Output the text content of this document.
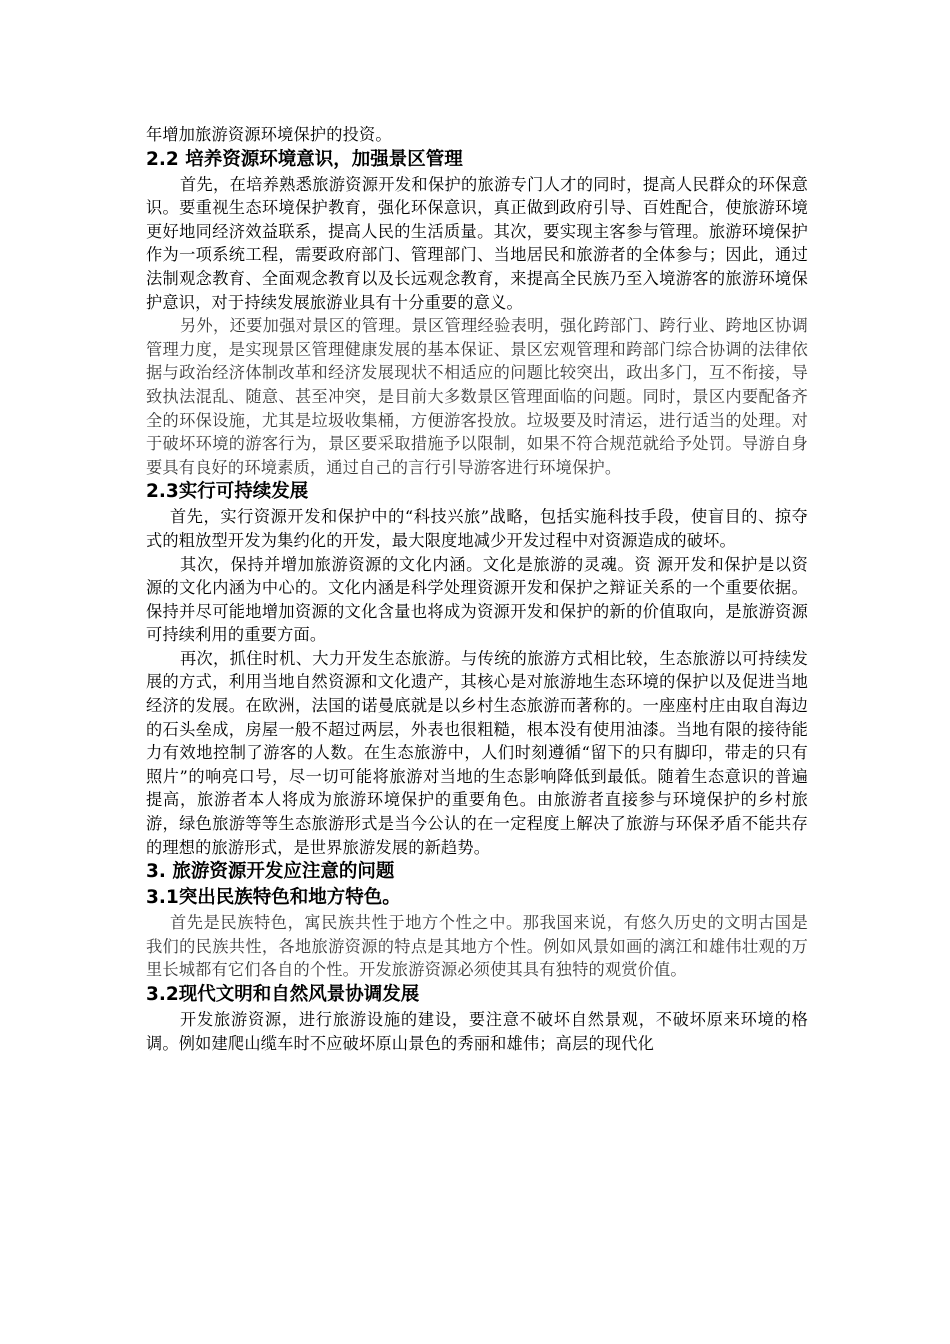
年增加旅游资源环境保护的投资。

2.2 培养资源环境意识，加强景区管理

首先，在培养熟悉旅游资源开发和保护的旅游专门人才的同时，提高人民群众的环保意识。要重视生态环境保护教育，强化环保意识，真正做到政府引导、百姓配合，使旅游环境更好地同经济效益联系，提高人民的生活质量。其次，要实现主客参与管理。旅游环境保护作为一项系统工程，需要政府部门、管理部门、当地居民和旅游者的全体参与；因此，通过法制观念教育、全面观念教育以及长远观念教育，来提高全民族乃至入境游客的旅游环境保护意识，对于持续发展旅游业具有十分重要的意义。

另外，还要加强对景区的管理。景区管理经验表明，强化跨部门、跨行业、跨地区协调管理力度，是实现景区管理健康发展的基本保证、景区宏观管理和跨部门综合协调的法律依据与政治经济体制改革和经济发展现状不相适应的问题比较突出，政出多门，互不衔接，导致执法混乱、随意、甚至冲突，是目前大多数景区管理面临的问题。同时，景区内要配备齐全的环保设施，尤其是垃圾收集桶，方便游客投放。垃圾要及时清运，进行适当的处理。对于破坏环境的游客行为，景区要采取措施予以限制，如果不符合规范就给予处罚。导游自身要具有良好的环境素质，通过自己的言行引导游客进行环境保护。

2.3实行可持续发展

首先，实行资源开发和保护中的“科技兴旅”战略，包括实施科技手段，使盲目的、掠夺式的粗放型开发为集约化的开发，最大限度地减少开发过程中对资源造成的破坏。

其次，保持并增加旅游资源的文化内涵。文化是旅游的灵魂。资 源开发和保护是以资源的文化内涵为中心的。文化内涵是科学处理资源开发和保护之辩证关系的一个重要依据。保持并尽可能地增加资源的文化含量也将成为资源开发和保护的新的价值取向，是旅游资源可持续利用的重要方面。

再次，抓住时机、大力开发生态旅游。与传统的旅游方式相比较，生态旅游以可持续发展的方式，利用当地自然资源和文化遗产，其核心是对旅游地生态环境的保护以及促进当地经济的发展。在欧洲，法国的诺曼底就是以乡村生态旅游而著称的。一座座村庄由取自海边的石头垒成，房屋一般不超过两层，外表也很粗糙，根本没有使用油漆。当地有限的接待能力有效地控制了游客的人数。在生态旅游中，人们时刻遵循“留下的只有脚印，带走的只有照片”的响亮口号，尽一切可能将旅游对当地的生态影响降低到最低。随着生态意识的普遍提高，旅游者本人将成为旅游环境保护的重要角色。由旅游者直接参与环境保护的乡村旅游，绿色旅游等等生态旅游形式是当今公认的在一定程度上解决了旅游与环保矛盾不能共存的理想的旅游形式，是世界旅游发展的新趋势。

3. 旅游资源开发应注意的问题
3.1突出民族特色和地方特色。

首先是民族特色，寓民族共性于地方个性之中。那我国来说，有悠久历史的文明古国是我们的民族共性，各地旅游资源的特点是其地方个性。例如风景如画的漓江和雄伟壮观的万里长城都有它们各自的个性。开发旅游资源必须使其具有独特的观赏价值。

3.2现代文明和自然风景协调发展

开发旅游资源，进行旅游设施的建设，要注意不破坏自然景观，不破坏原来环境的格调。例如建爬山缆车时不应破坏原山景色的秀丽和雄伟；高层的现代化
